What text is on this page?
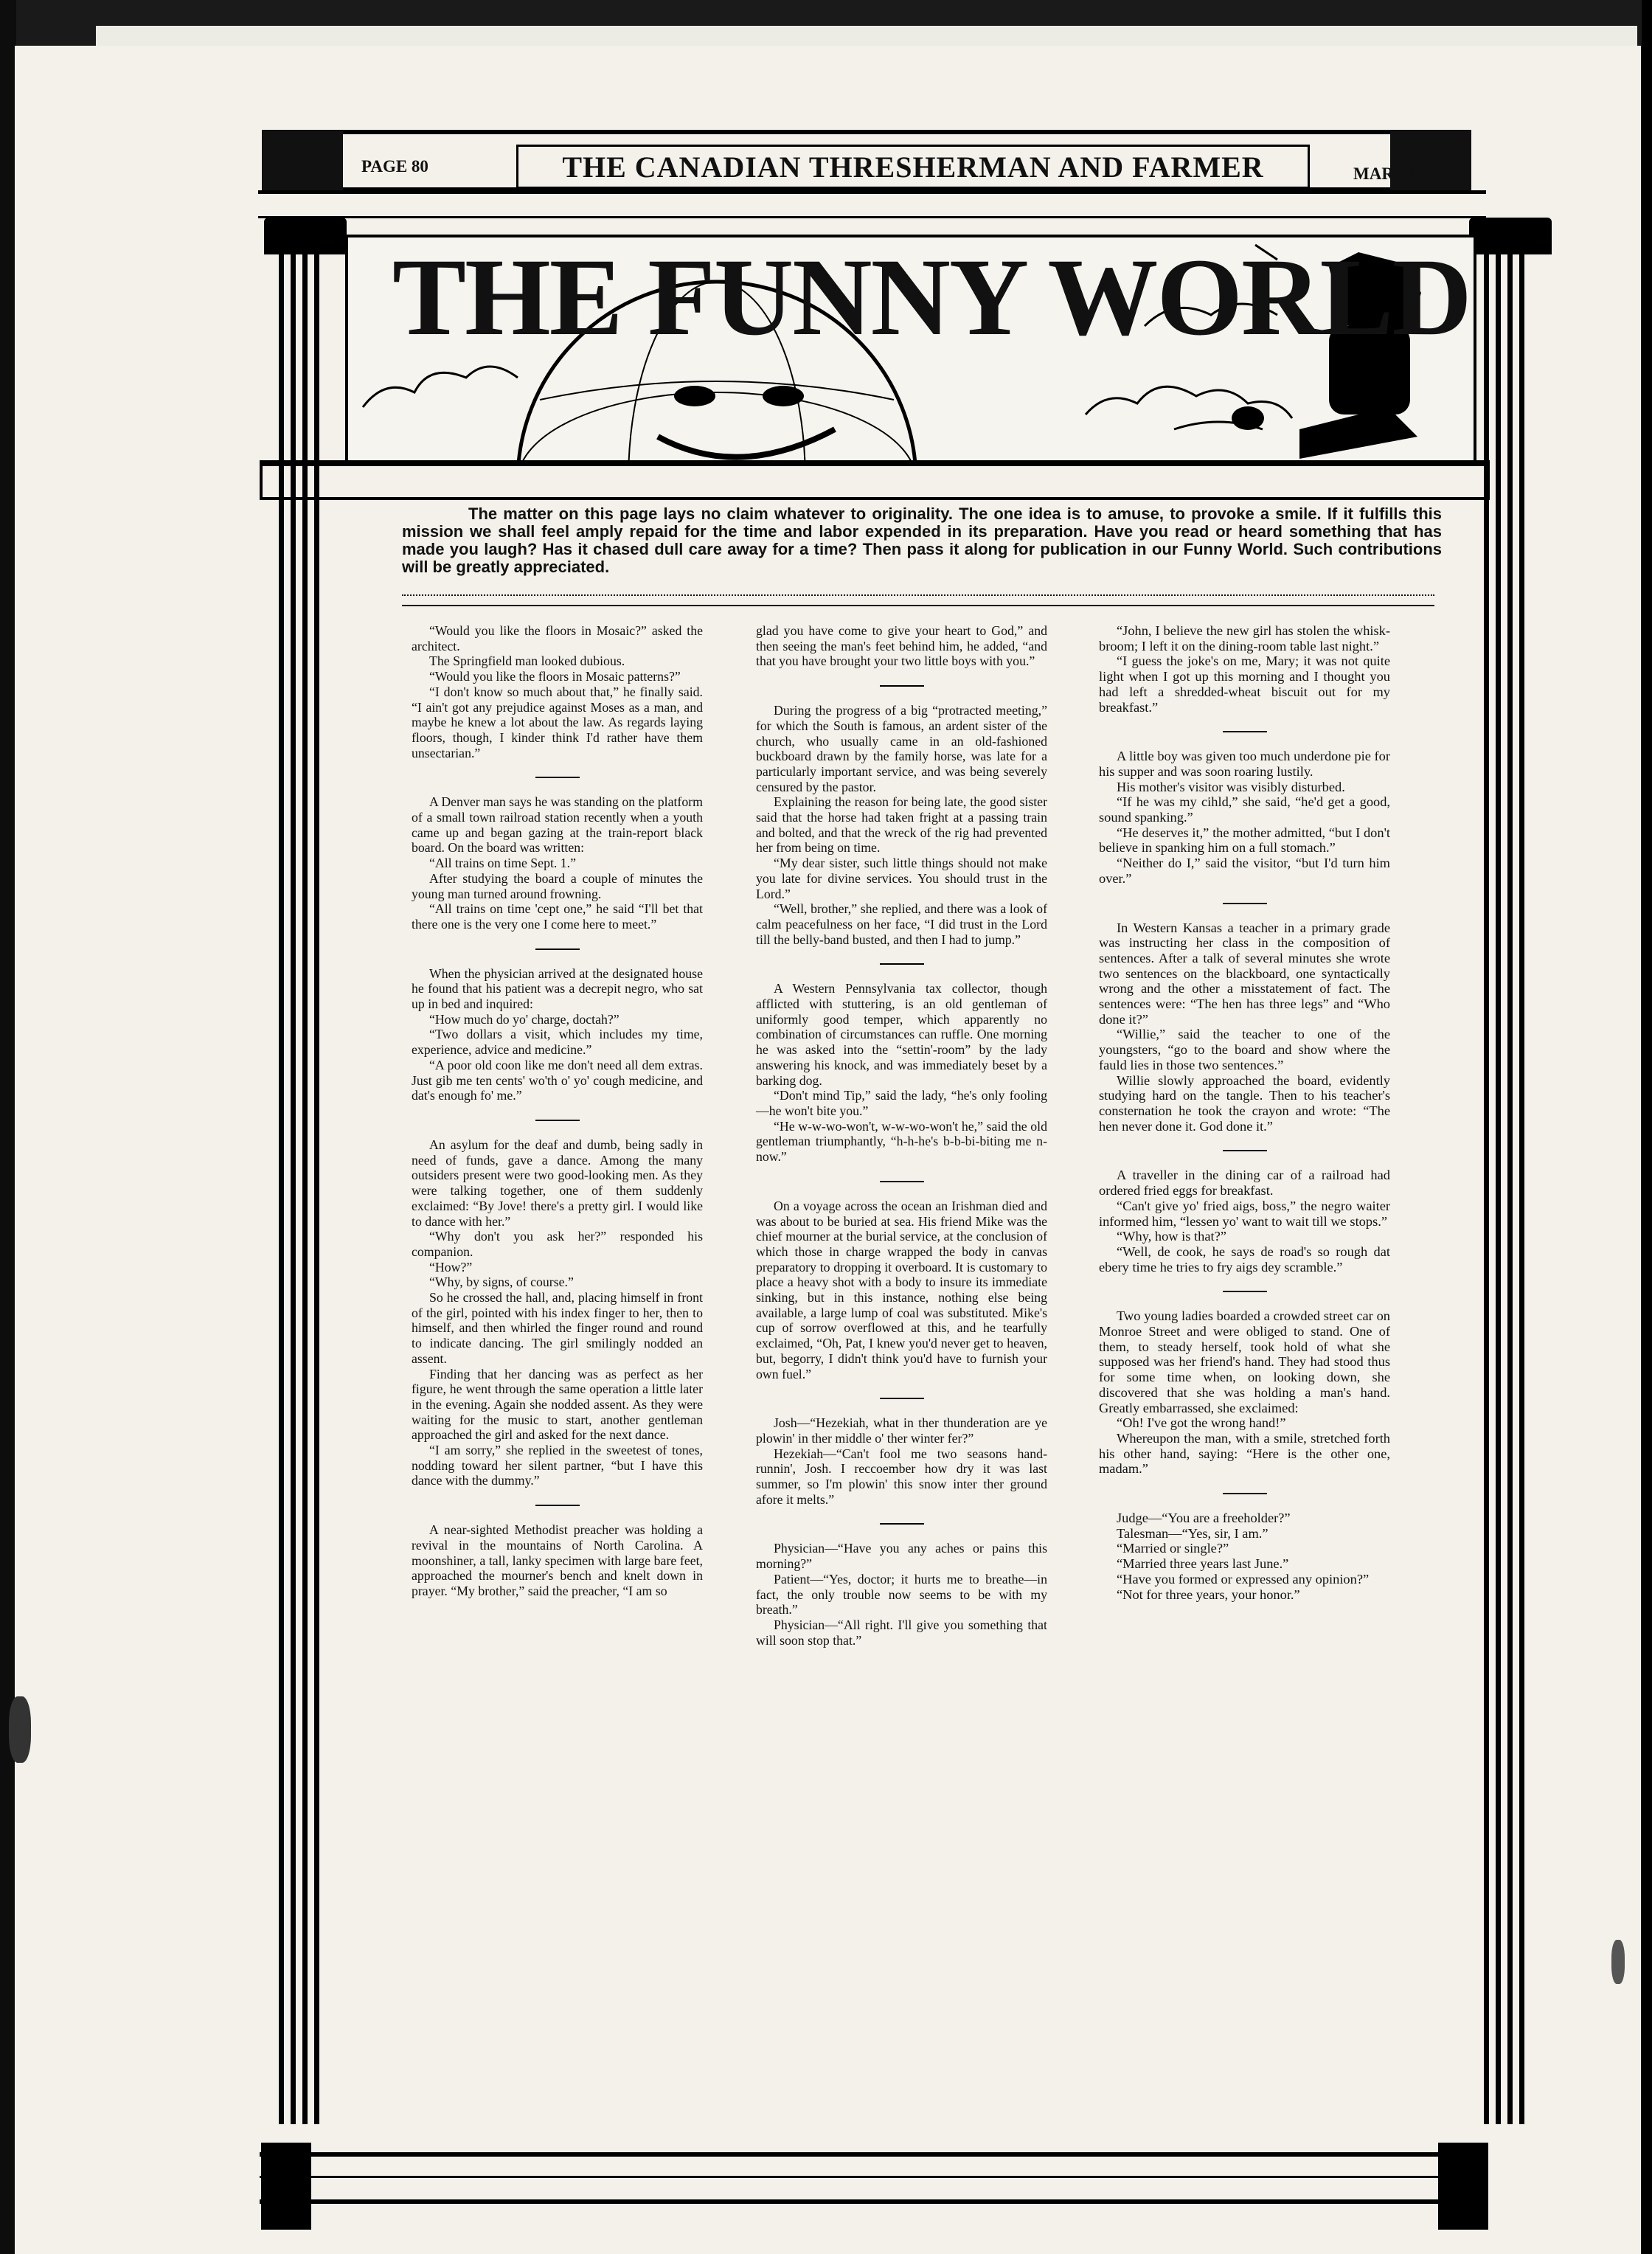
PAGE 80	THE CANADIAN THRESHERMAN AND FARMER	MAR. '10
THE FUNNY WORLD
The matter on this page lays no claim whatever to originality. The one idea is to amuse, to provoke a smile. If it fulfills this mission we shall feel amply repaid for the time and labor expended in its preparation. Have you read or heard something that has made you laugh? Has it chased dull care away for a time? Then pass it along for publication in our Funny World. Such contributions will be greatly appreciated.

“Would you like the floors in Mosaic?” asked the architect.

The Springfield man looked dubious.

“Would you like the floors in Mosaic patterns?”

“I don't know so much about that,” he finally said. “I ain't got any prejudice against Moses as a man, and maybe he knew a lot about the law. As regards laying floors, though, I kinder think I'd rather have them unsectarian.”

A Denver man says he was standing on the platform of a small town railroad station recently when a youth came up and began gazing at the train-report black board. On the board was written:

“All trains on time Sept. 1.”

After studying the board a couple of minutes the young man turned around frowning.

“All trains on time 'cept one,” he said “I'll bet that there one is the very one I come here to meet.”

When the physician arrived at the designated house he found that his patient was a decrepit negro, who sat up in bed and inquired:

“How much do yo' charge, doctah?”

“Two dollars a visit, which includes my time, experience, advice and medicine.”

“A poor old coon like me don't need all dem extras. Just gib me ten cents' wo'th o' yo' cough medicine, and dat's enough fo' me.”

An asylum for the deaf and dumb, being sadly in need of funds, gave a dance. Among the many outsiders present were two good-looking men. As they were talking together, one of them suddenly exclaimed: “By Jove! there's a pretty girl. I would like to dance with her.”

“Why don't you ask her?” responded his companion.

“How?”

“Why, by signs, of course.”

So he crossed the hall, and, placing himself in front of the girl, pointed with his index finger to her, then to himself, and then whirled the finger round and round to indicate dancing. The girl smilingly nodded an assent.

Finding that her dancing was as perfect as her figure, he went through the same operation a little later in the evening. Again she nodded assent. As they were waiting for the music to start, another gentleman approached the girl and asked for the next dance.

“I am sorry,” she replied in the sweetest of tones, nodding toward her silent partner, “but I have this dance with the dummy.”

A near-sighted Methodist preacher was holding a revival in the mountains of North Carolina. A moonshiner, a tall, lanky specimen with large bare feet, approached the mourner's bench and knelt down in prayer. “My brother,” said the preacher, “I am so

glad you have come to give your heart to God,” and then seeing the man's feet behind him, he added, “and that you have brought your two little boys with you.”

During the progress of a big “protracted meeting,” for which the South is famous, an ardent sister of the church, who usually came in an old-fashioned buckboard drawn by the family horse, was late for a particularly important service, and was being severely censured by the pastor.

Explaining the reason for being late, the good sister said that the horse had taken fright at a passing train and bolted, and that the wreck of the rig had prevented her from being on time.

“My dear sister, such little things should not make you late for divine services. You should trust in the Lord.”

“Well, brother,” she replied, and there was a look of calm peacefulness on her face, “I did trust in the Lord till the belly-band busted, and then I had to jump.”

A Western Pennsylvania tax collector, though afflicted with stuttering, is an old gentleman of uniformly good temper, which apparently no combination of circumstances can ruffle. One morning he was asked into the “settin'-room” by the lady answering his knock, and was immediately beset by a barking dog.

“Don't mind Tip,” said the lady, “he's only fooling—he won't bite you.”

“He w-w-wo-won't, w-w-wo-won't he,” said the old gentleman triumphantly, “h-h-he's b-b-bi-biting me n-now.”

On a voyage across the ocean an Irishman died and was about to be buried at sea. His friend Mike was the chief mourner at the burial service, at the conclusion of which those in charge wrapped the body in canvas preparatory to dropping it overboard. It is customary to place a heavy shot with a body to insure its immediate sinking, but in this instance, nothing else being available, a large lump of coal was substituted. Mike's cup of sorrow overflowed at this, and he tearfully exclaimed, “Oh, Pat, I knew you'd never get to heaven, but, begorry, I didn't think you'd have to furnish your own fuel.”

Josh—“Hezekiah, what in ther thunderation are ye plowin' in ther middle o' ther winter fer?”

Hezekiah—“Can't fool me two seasons hand-runnin', Josh. I reccoember how dry it was last summer, so I'm plowin' this snow inter ther ground afore it melts.”

Physician—“Have you any aches or pains this morning?”

Patient—“Yes, doctor; it hurts me to breathe—in fact, the only trouble now seems to be with my breath.”

Physician—“All right. I'll give you something that will soon stop that.”

“John, I believe the new girl has stolen the whisk-broom; I left it on the dining-room table last night.”

“I guess the joke's on me, Mary; it was not quite light when I got up this morning and I thought you had left a shredded-wheat biscuit out for my breakfast.”

A little boy was given too much underdone pie for his supper and was soon roaring lustily.

His mother's visitor was visibly disturbed.

“If he was my cihld,” she said, “he'd get a good, sound spanking.”

“He deserves it,” the mother admitted, “but I don't believe in spanking him on a full stomach.”

“Neither do I,” said the visitor, “but I'd turn him over.”

In Western Kansas a teacher in a primary grade was instructing her class in the composition of sentences. After a talk of several minutes she wrote two sentences on the blackboard, one syntactically wrong and the other a misstatement of fact. The sentences were: “The hen has three legs” and “Who done it?”

“Willie,” said the teacher to one of the youngsters, “go to the board and show where the fauld lies in those two sentences.”

Willie slowly approached the board, evidently studying hard on the tangle. Then to his teacher's consternation he took the crayon and wrote: “The hen never done it. God done it.”

A traveller in the dining car of a railroad had ordered fried eggs for breakfast.

“Can't give yo' fried aigs, boss,” the negro waiter informed him, “lessen yo' want to wait till we stops.”

“Why, how is that?”

“Well, de cook, he says de road's so rough dat ebery time he tries to fry aigs dey scramble.”

Two young ladies boarded a crowded street car on Monroe Street and were obliged to stand. One of them, to steady herself, took hold of what she supposed was her friend's hand. They had stood thus for some time when, on looking down, she discovered that she was holding a man's hand. Greatly embarrassed, she exclaimed:

“Oh! I've got the wrong hand!”

Whereupon the man, with a smile, stretched forth his other hand, saying: “Here is the other one, madam.”

Judge—“You are a freeholder?”

Talesman—“Yes, sir, I am.”

“Married or single?”

“Married three years last June.”

“Have you formed or expressed any opinion?”

“Not for three years, your honor.”
